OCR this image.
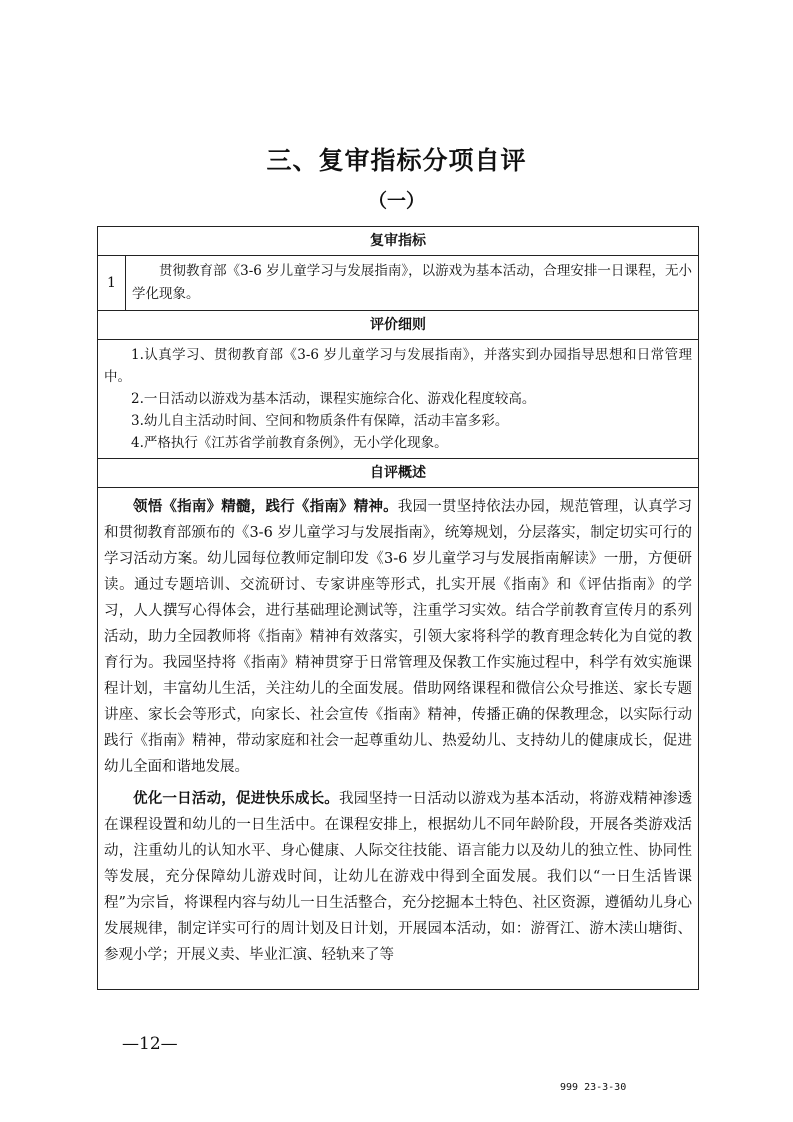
三、复审指标分项自评
（一）
复审指标
1	

贯彻教育部《3-6 岁儿童学习与发展指南》，以游戏为基本活动，合理安排一日课程，无小学化现象。

评价细则

1.认真学习、贯彻教育部《3-6 岁儿童学习与发展指南》，并落实到办园指导思想和日常管理中。

2.一日活动以游戏为基本活动，课程实施综合化、游戏化程度较高。

3.幼儿自主活动时间、空间和物质条件有保障，活动丰富多彩。

4.严格执行《江苏省学前教育条例》，无小学化现象。

自评概述

领悟《指南》精髓，践行《指南》精神。我园一贯坚持依法办园，规范管理，认真学习和贯彻教育部颁布的《3-6 岁儿童学习与发展指南》，统筹规划，分层落实，制定切实可行的学习活动方案。幼儿园每位教师定制印发《3-6 岁儿童学习与发展指南解读》一册，方便研读。通过专题培训、交流研讨、专家讲座等形式，扎实开展《指南》和《评估指南》的学习，人人撰写心得体会，进行基础理论测试等，注重学习实效。结合学前教育宣传月的系列活动，助力全园教师将《指南》精神有效落实，引领大家将科学的教育理念转化为自觉的教育行为。我园坚持将《指南》精神贯穿于日常管理及保教工作实施过程中，科学有效实施课程计划，丰富幼儿生活，关注幼儿的全面发展。借助网络课程和微信公众号推送、家长专题讲座、家长会等形式，向家长、社会宣传《指南》精神，传播正确的保教理念，以实际行动践行《指南》精神，带动家庭和社会一起尊重幼儿、热爱幼儿、支持幼儿的健康成长，促进幼儿全面和谐地发展。

优化一日活动，促进快乐成长。我园坚持一日活动以游戏为基本活动，将游戏精神渗透在课程设置和幼儿的一日生活中。在课程安排上，根据幼儿不同年龄阶段，开展各类游戏活动，注重幼儿的认知水平、身心健康、人际交往技能、语言能力以及幼儿的独立性、协同性等发展，充分保障幼儿游戏时间，让幼儿在游戏中得到全面发展。我们以“一日生活皆课程”为宗旨，将课程内容与幼儿一日生活整合，充分挖掘本土特色、社区资源，遵循幼儿身心发展规律，制定详实可行的周计划及日计划，开展园本活动，如：游胥江、游木渎山塘街、参观小学；开展义卖、毕业汇演、轻轨来了等

—12—
999 23-3-30
